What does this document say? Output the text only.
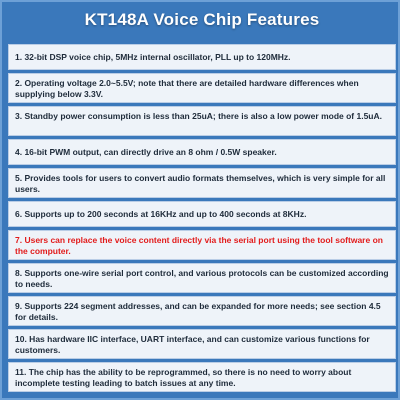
KT148A Voice Chip Features
1. 32-bit DSP voice chip, 5MHz internal oscillator, PLL up to 120MHz.
2. Operating voltage 2.0~5.5V; note that there are detailed hardware differences when supplying below 3.3V.
3. Standby power consumption is less than 25uA; there is also a low power mode of 1.5uA.
4. 16-bit PWM output, can directly drive an 8 ohm / 0.5W speaker.
5. Provides tools for users to convert audio formats themselves, which is very simple for all users.
6. Supports up to 200 seconds at 16KHz and up to 400 seconds at 8KHz.
7. Users can replace the voice content directly via the serial port using the tool software on the computer.
8. Supports one-wire serial port control, and various protocols can be customized according to needs.
9. Supports 224 segment addresses, and can be expanded for more needs; see section 4.5 for details.
10. Has hardware IIC interface, UART interface, and can customize various functions for customers.
11. The chip has the ability to be reprogrammed, so there is no need to worry about incomplete testing leading to batch issues at any time.
